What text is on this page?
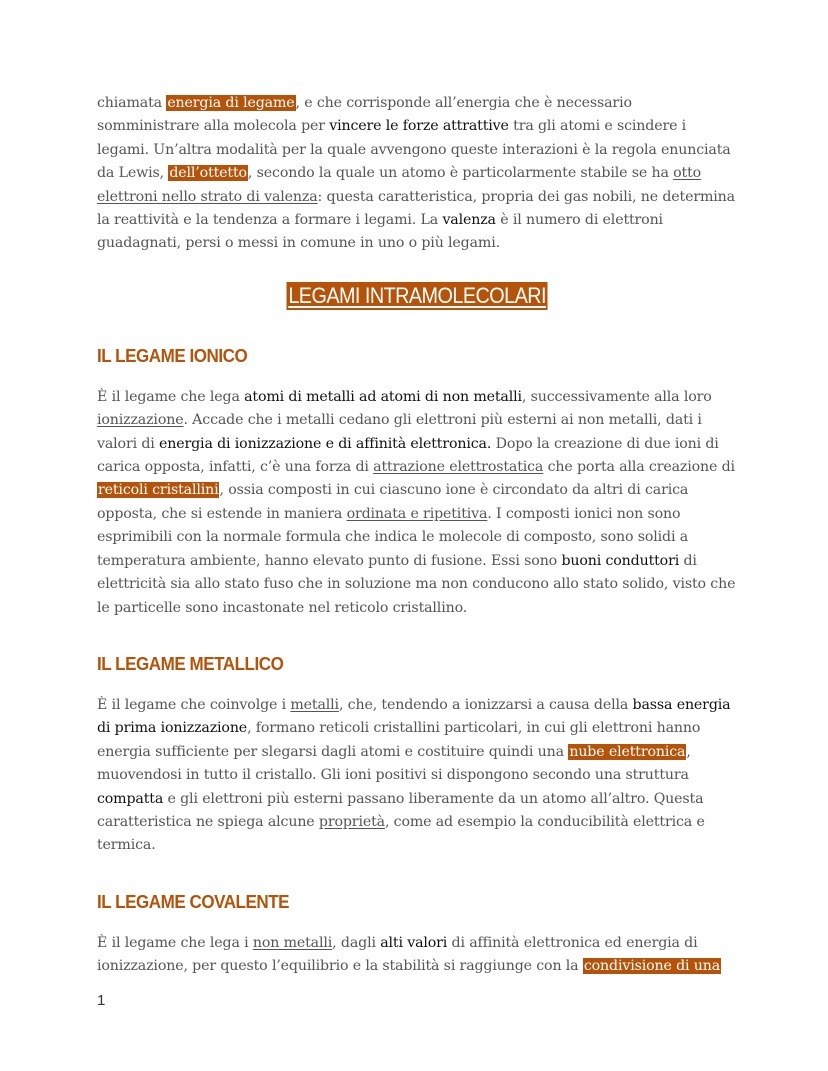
chiamata energia di legame, e che corrisponde all’energia che è necessario somministrare alla molecola per vincere le forze attrattive tra gli atomi e scindere i legami. Un’altra modalità per la quale avvengono queste interazioni è la regola enunciata da Lewis, dell’ottetto, secondo la quale un atomo è particolarmente stabile se ha otto elettroni nello strato di valenza: questa caratteristica, propria dei gas nobili, ne determina la reattività e la tendenza a formare i legami. La valenza è il numero di elettroni guadagnati, persi o messi in comune in uno o più legami.

LEGAMI INTRAMOLECOLARI
IL LEGAME IONICO

È il legame che lega atomi di metalli ad atomi di non metalli, successivamente alla loro ionizzazione. Accade che i metalli cedano gli elettroni più esterni ai non metalli, dati i valori di energia di ionizzazione e di affinità elettronica. Dopo la creazione di due ioni di carica opposta, infatti, c’è una forza di attrazione elettrostatica che porta alla creazione di reticoli cristallini, ossia composti in cui ciascuno ione è circondato da altri di carica opposta, che si estende in maniera ordinata e ripetitiva. I composti ionici non sono esprimibili con la normale formula che indica le molecole di composto, sono solidi a temperatura ambiente, hanno elevato punto di fusione. Essi sono buoni conduttori di elettricità sia allo stato fuso che in soluzione ma non conducono allo stato solido, visto che le particelle sono incastonate nel reticolo cristallino.

IL LEGAME METALLICO

È il legame che coinvolge i metalli, che, tendendo a ionizzarsi a causa della bassa energia di prima ionizzazione, formano reticoli cristallini particolari, in cui gli elettroni hanno energia sufficiente per slegarsi dagli atomi e costituire quindi una nube elettronica, muovendosi in tutto il cristallo. Gli ioni positivi si dispongono secondo una struttura compatta e gli elettroni più esterni passano liberamente da un atomo all’altro. Questa caratteristica ne spiega alcune proprietà, come ad esempio la conducibilità elettrica e termica.

IL LEGAME COVALENTE

È il legame che lega i non metalli, dagli alti valori di affinità elettronica ed energia di ionizzazione, per questo l’equilibrio e la stabilità si raggiunge con la condivisione di una

1
